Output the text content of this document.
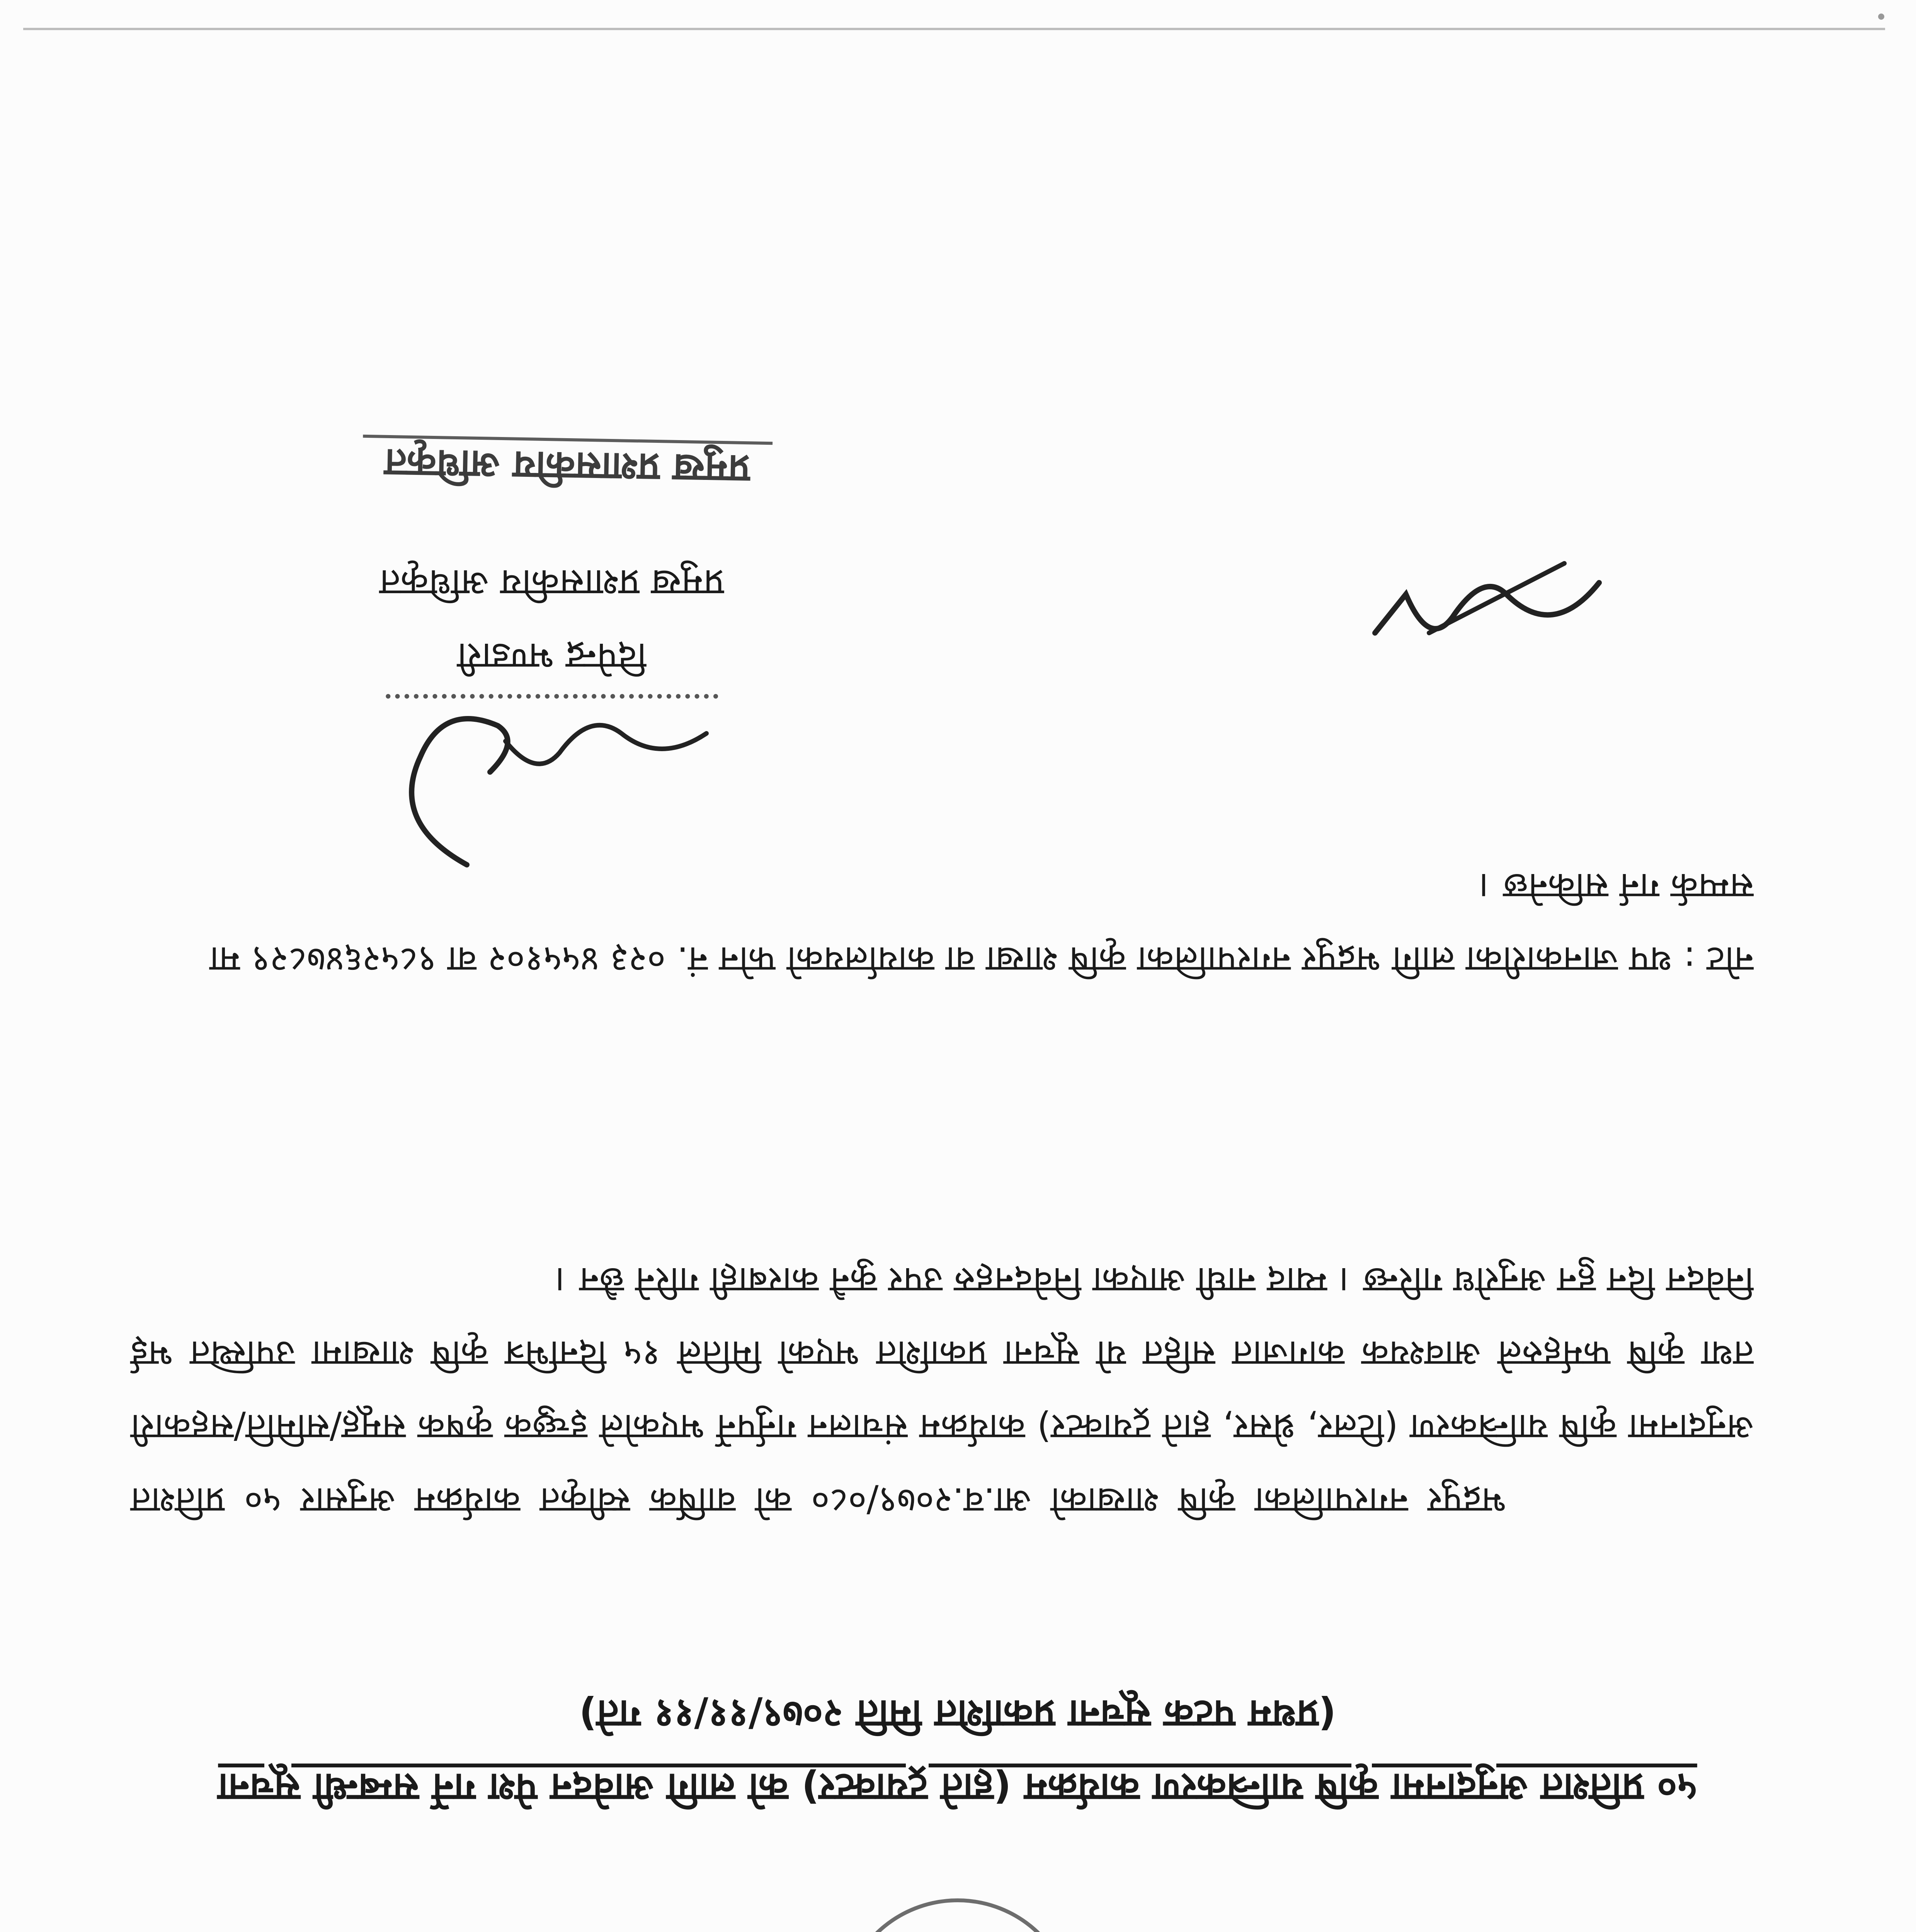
५० प्रतिशत अनुदानमा कृषि यान्त्रिकरण कार्यक्रम (हाते ट्रयाक्टर) को लागि आवेदन पेश गर्ने सम्बन्धी सूचना
(प्रथम पटक सूचना प्रकाशित मिति २०७९/११/११ गते)
भद्रपुर नगरपालिका कृषि शाखाको आ.व.२०७९/०८० को वार्षिक स्वीकृत कार्यक्रम अनुसार ५० प्रतिशत अनुदानमा कृषि यान्त्रिकरण (टिलर, थ्रेसर, हाते ट्रयाक्टर) कार्यक्रम संचालन गर्नुपर्ने भएकोले इच्छुक कृषक समूह/समिति/सहकारी तथा कृषि फर्महरुले आवश्यक कागजात सहित यो सूचना प्रकाशित भएको मितिले १५ दिनभित्र कृषि शाखामा उपस्थित भई निवेदन दिन हुन अनुरोध गरिन्छ । म्याद नाघी आएका निवेदनहरु उपर कुनै कारबाही गरिने छैन ।
नोट : थप जानकारीका लागि भद्रपुर नगरपालिका कृषि शाखा वा कार्यालयको फोन नं. ०२३ ४५५१०२ वा ९८५२६४७८२९ मा सम्पर्क गर्न सकिनेछ ।
दिपेन्द्र भण्डारी
प्रमुख प्रशासकीय अधिकृत
प्रमुख प्रशासकीय अधिकृत
